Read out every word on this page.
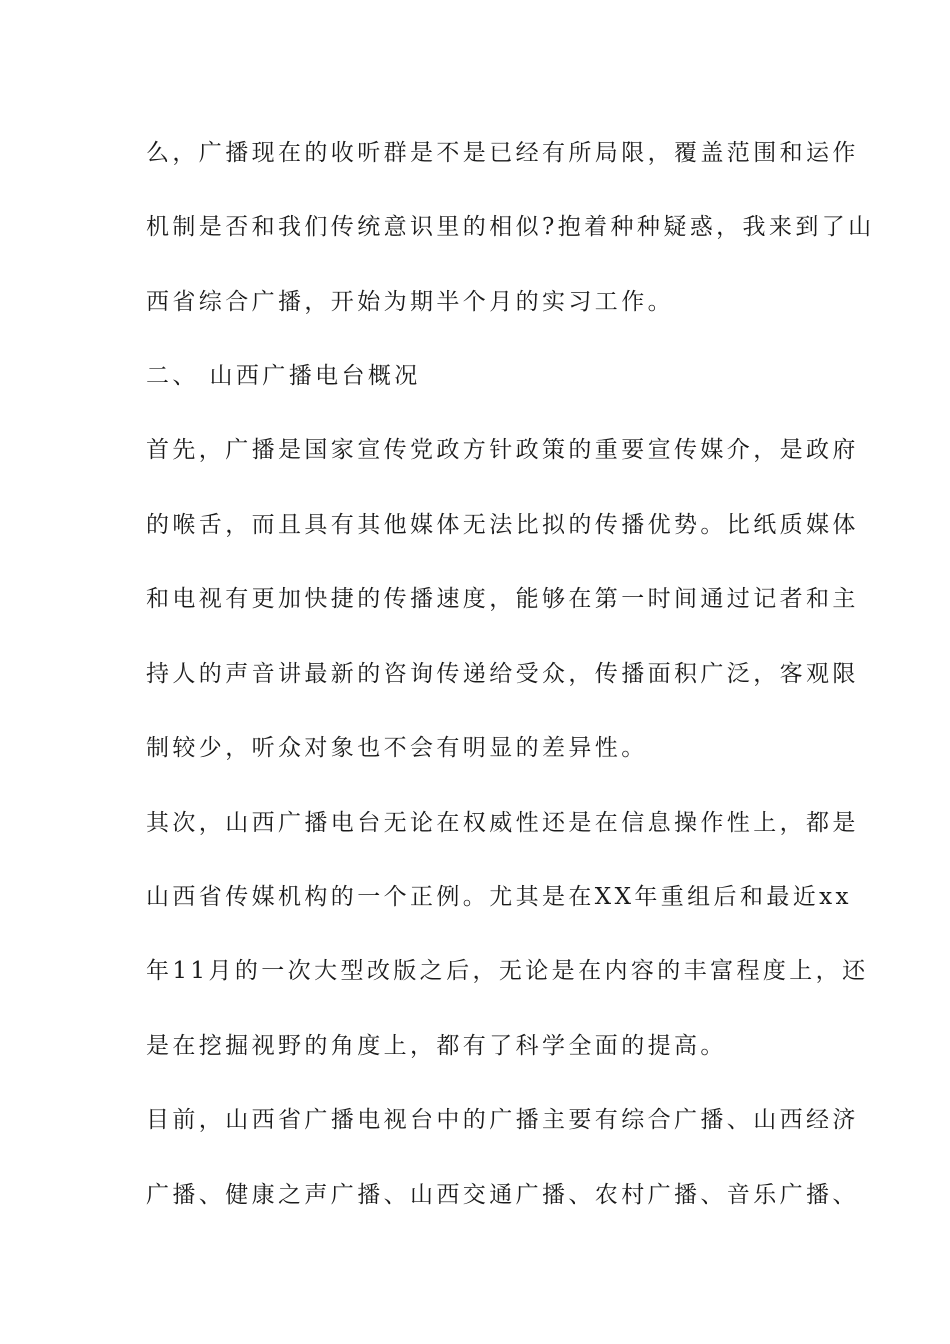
么，广播现在的收听群是不是已经有所局限，覆盖范围和运作
机制是否和我们传统意识里的相似?抱着种种疑惑，我来到了山
西省综合广播，开始为期半个月的实习工作。
二、 山西广播电台概况
首先，广播是国家宣传党政方针政策的重要宣传媒介，是政府
的喉舌，而且具有其他媒体无法比拟的传播优势。比纸质媒体
和电视有更加快捷的传播速度，能够在第一时间通过记者和主
持人的声音讲最新的咨询传递给受众，传播面积广泛，客观限
制较少，听众对象也不会有明显的差异性。
其次，山西广播电台无论在权威性还是在信息操作性上，都是
山西省传媒机构的一个正例。尤其是在XX年重组后和最近xx
年11月的一次大型改版之后，无论是在内容的丰富程度上，还
是在挖掘视野的角度上，都有了科学全面的提高。
目前，山西省广播电视台中的广播主要有综合广播、山西经济
广播、健康之声广播、山西交通广播、农村广播、音乐广播、
